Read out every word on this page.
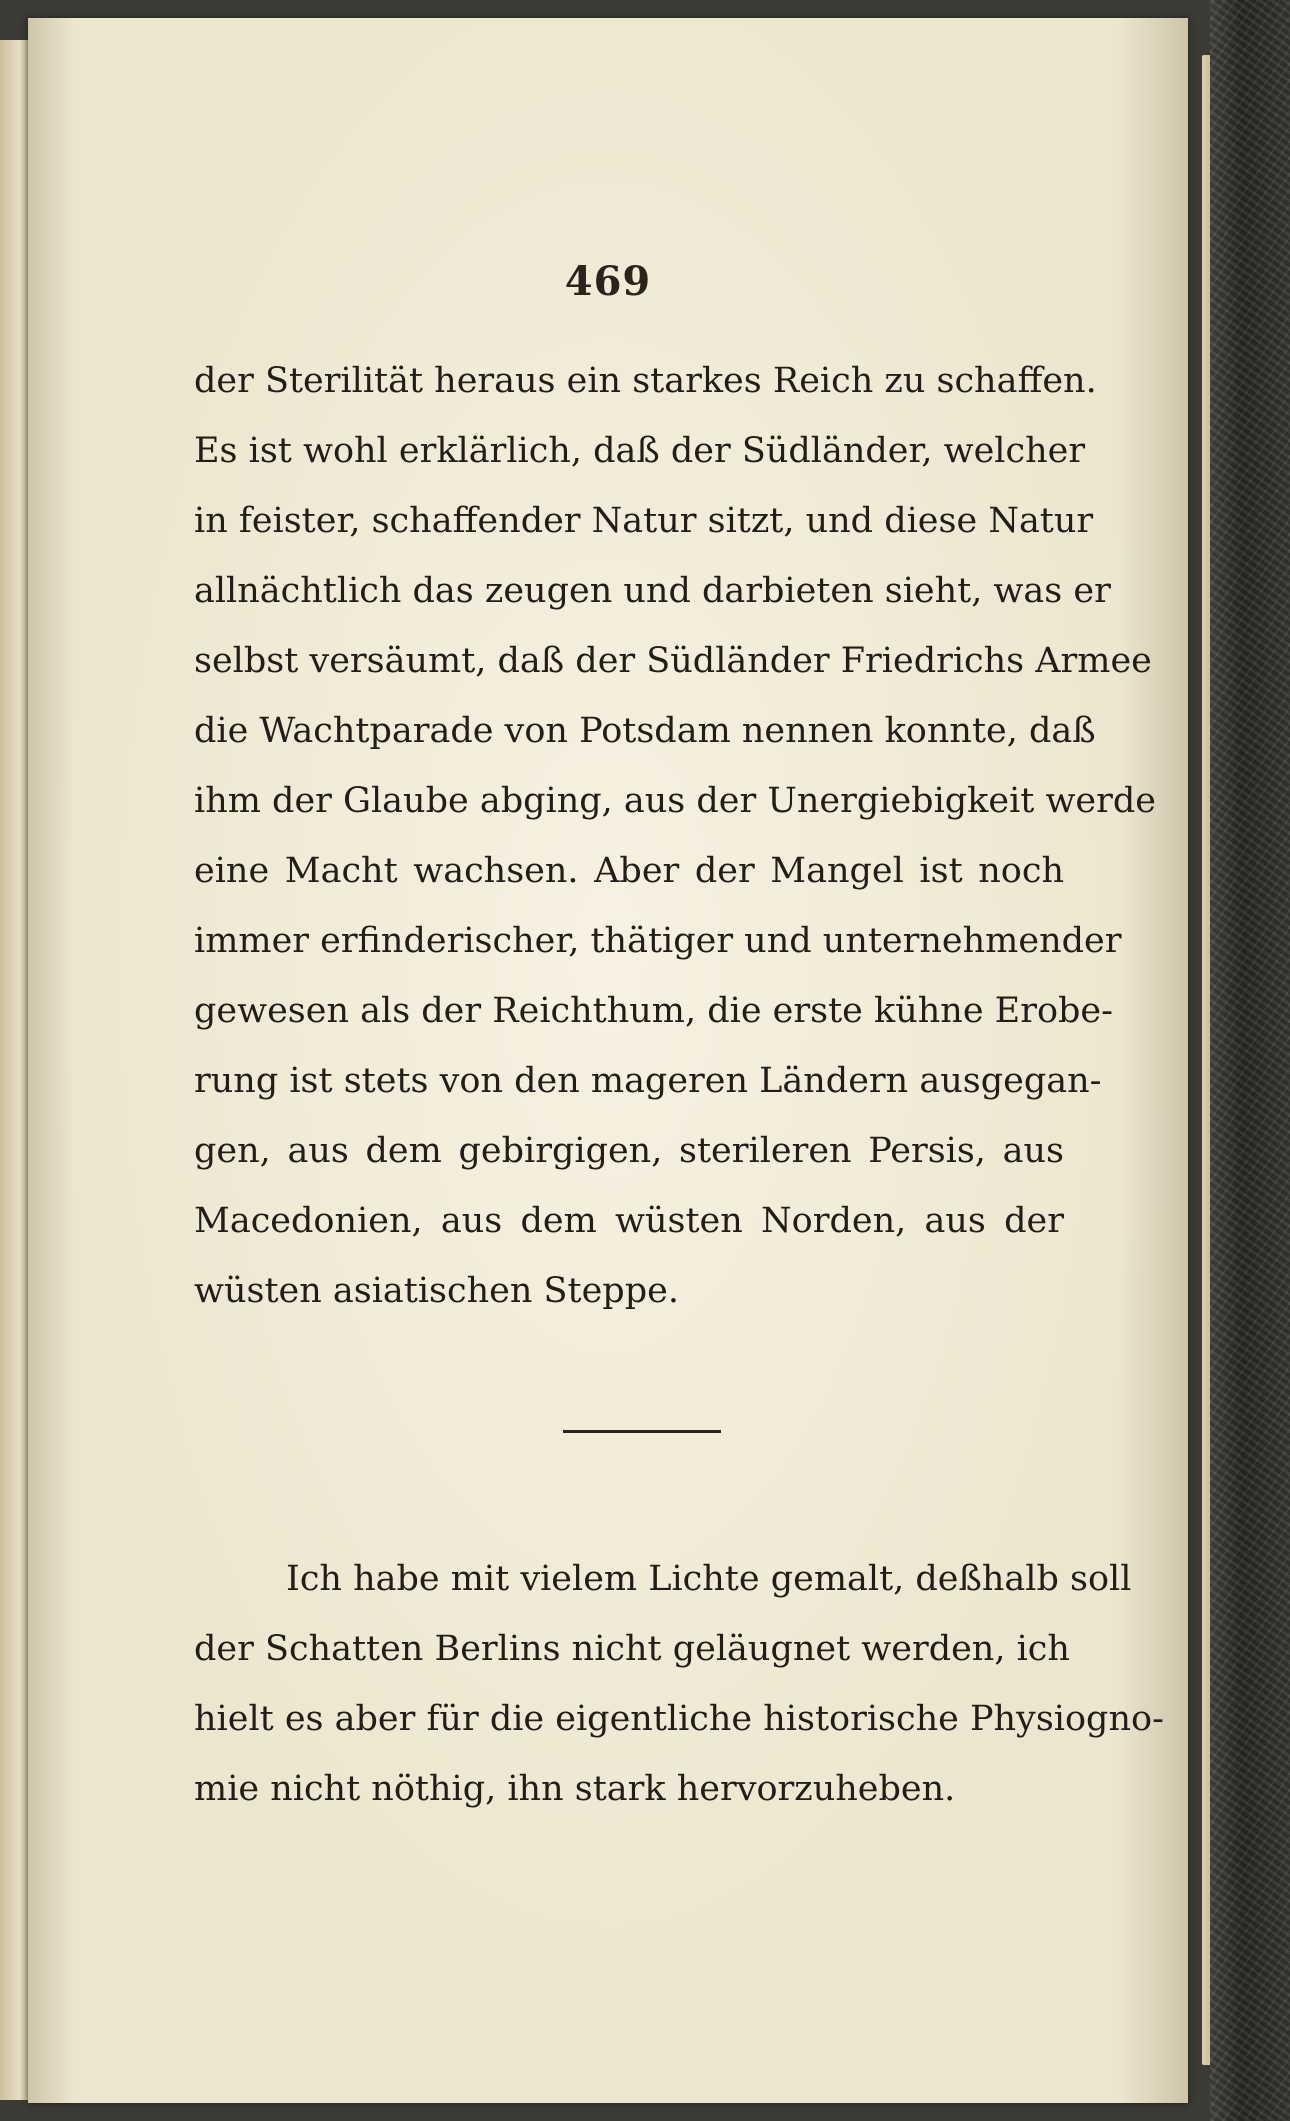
469
der Sterilität heraus ein starkes Reich zu schaffen.
Es ist wohl erklärlich, daß der Südländer, welcher
in feister, schaffender Natur sitzt, und diese Natur
allnächtlich das zeugen und darbieten sieht, was er
selbst versäumt, daß der Südländer Friedrichs Armee
die Wachtparade von Potsdam nennen konnte, daß
ihm der Glaube abging, aus der Unergiebigkeit werde
eine Macht wachsen. Aber der Mangel ist noch
immer erfinderischer, thätiger und unternehmender
gewesen als der Reichthum, die erste kühne Erobe-
rung ist stets von den mageren Ländern ausgegan-
gen, aus dem gebirgigen, sterileren Persis, aus
Macedonien, aus dem wüsten Norden, aus der
wüsten asiatischen Steppe.
Ich habe mit vielem Lichte gemalt, deßhalb soll
der Schatten Berlins nicht geläugnet werden, ich
hielt es aber für die eigentliche historische Physiogno-
mie nicht nöthig, ihn stark hervorzuheben.
